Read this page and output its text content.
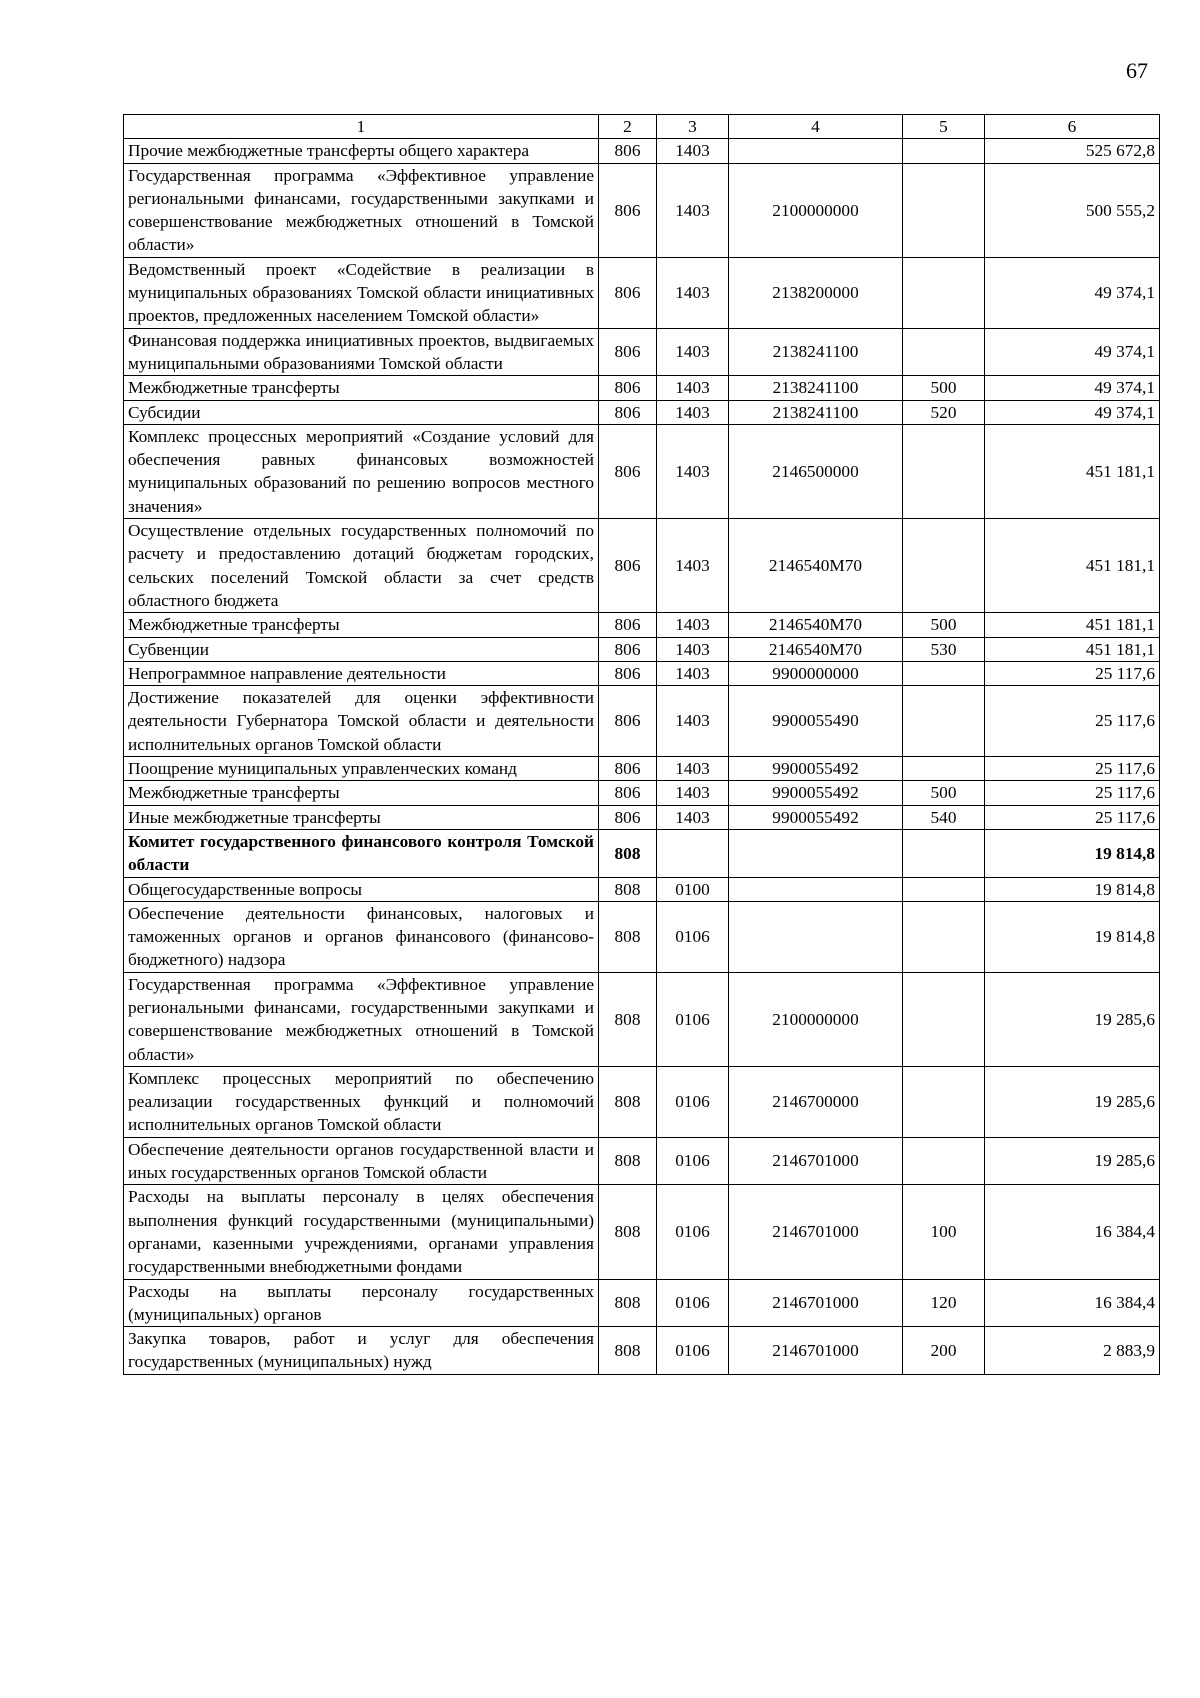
67
1	2	3	4	5	6
Прочие межбюджетные трансферты общего характера	806	1403			525 672,8
Государственная программа «Эффективное управление региональными финансами, государственными закупками и совершенствование межбюджетных отношений в Томской области»	806	1403	2100000000		500 555,2
Ведомственный проект «Содействие в реализации в муниципальных образованиях Томской области инициативных проектов, предложенных населением Томской области»	806	1403	2138200000		49 374,1
Финансовая поддержка инициативных проектов, выдвигаемых муниципальными образованиями Томской области	806	1403	2138241100		49 374,1
Межбюджетные трансферты	806	1403	2138241100	500	49 374,1
Субсидии	806	1403	2138241100	520	49 374,1
Комплекс процессных мероприятий «Создание условий для обеспечения равных финансовых возможностей муниципальных образований по решению вопросов местного значения»	806	1403	2146500000		451 181,1
Осуществление отдельных государственных полномочий по расчету и предоставлению дотаций бюджетам городских, сельских поселений Томской области за счет средств областного бюджета	806	1403	2146540M70		451 181,1
Межбюджетные трансферты	806	1403	2146540M70	500	451 181,1
Субвенции	806	1403	2146540M70	530	451 181,1
Непрограммное направление деятельности	806	1403	9900000000		25 117,6
Достижение показателей для оценки эффективности деятельности Губернатора Томской области и деятельности исполнительных органов Томской области	806	1403	9900055490		25 117,6
Поощрение муниципальных управленческих команд	806	1403	9900055492		25 117,6
Межбюджетные трансферты	806	1403	9900055492	500	25 117,6
Иные межбюджетные трансферты	806	1403	9900055492	540	25 117,6
Комитет государственного финансового контроля Томской области	808				19 814,8
Общегосударственные вопросы	808	0100			19 814,8
Обеспечение деятельности финансовых, налоговых и таможенных органов и органов финансового (финансово-бюджетного) надзора	808	0106			19 814,8
Государственная программа «Эффективное управление региональными финансами, государственными закупками и совершенствование межбюджетных отношений в Томской области»	808	0106	2100000000		19 285,6
Комплекс процессных мероприятий по обеспечению реализации государственных функций и полномочий исполнительных органов Томской области	808	0106	2146700000		19 285,6
Обеспечение деятельности органов государственной власти и иных государственных органов Томской области	808	0106	2146701000		19 285,6
Расходы на выплаты персоналу в целях обеспечения выполнения функций государственными (муниципальными) органами, казенными учреждениями, органами управления государственными внебюджетными фондами	808	0106	2146701000	100	16 384,4
Расходы на выплаты персоналу государственных (муниципальных) органов	808	0106	2146701000	120	16 384,4
Закупка товаров, работ и услуг для обеспечения государственных (муниципальных) нужд	808	0106	2146701000	200	2 883,9
